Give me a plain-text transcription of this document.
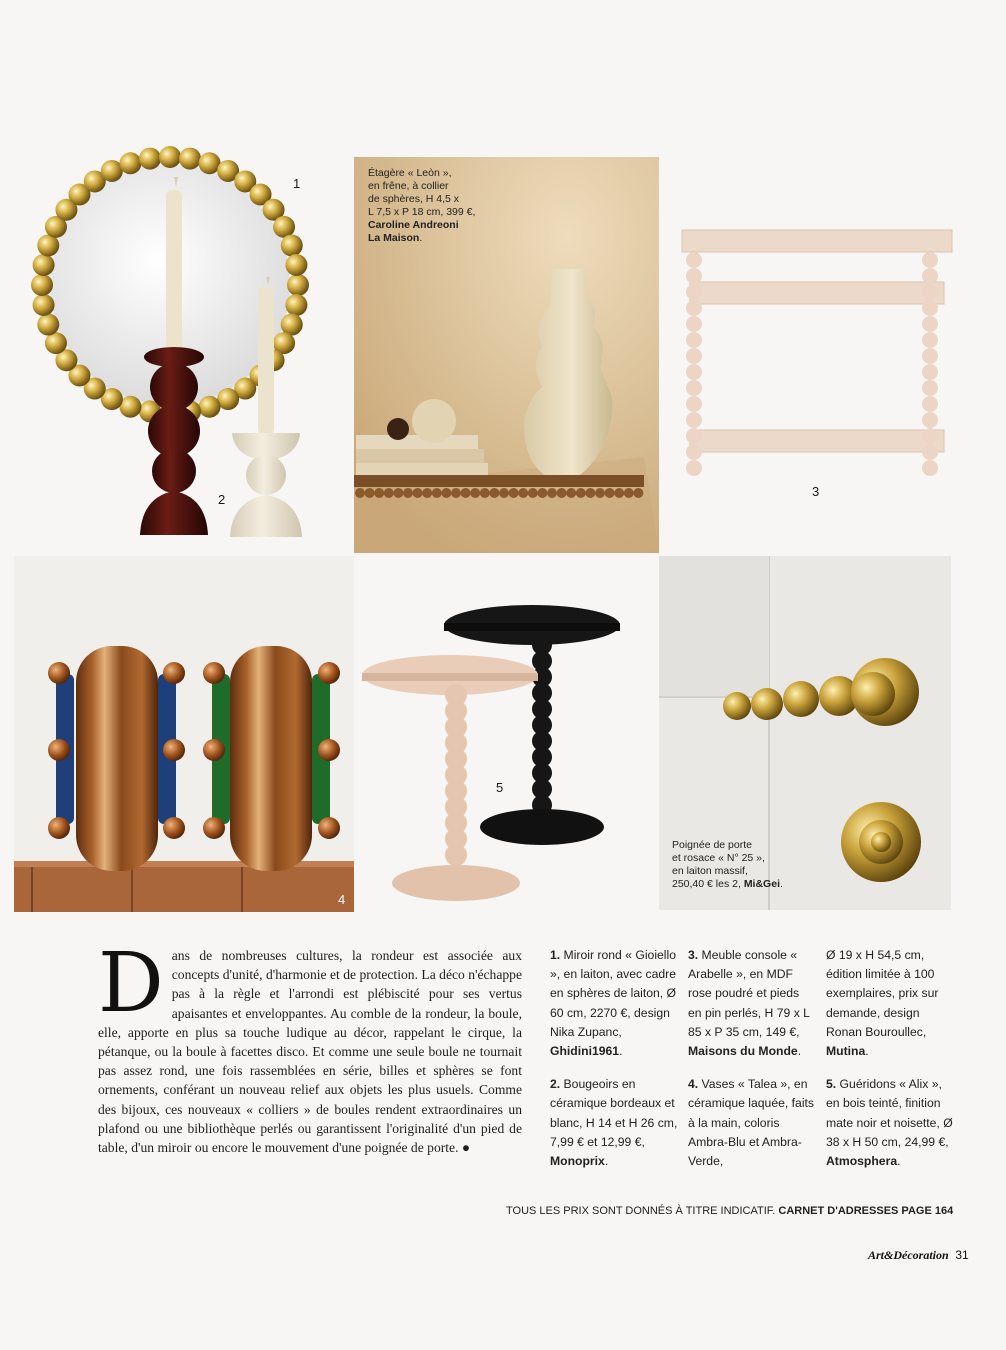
1
2
Étagère « Leòn »,
en frêne, à collier
de sphères, H 4,5 x
L 7,5 x P 18 cm, 399 €,
Caroline Andreoni
La Maison.
3
4
5
Poignée de porte
et rosace « N° 25 »,
en laiton massif,
250,40 € les 2, Mi&Gei.
Dans de nombreuses cultures, la rondeur est associée aux concepts d'unité, d'harmonie et de protection. La déco n'échappe pas à la règle et l'arrondi est plébiscité pour ses vertus apaisantes et enveloppantes. Au comble de la rondeur, la boule, elle, apporte en plus sa touche ludique au décor, rappelant le cirque, la pétanque, ou la boule à facettes disco. Et comme une seule boule ne tournait pas assez rond, une fois rassemblées en série, billes et sphères se font ornements, conférant un nouveau relief aux objets les plus usuels. Comme des bijoux, ces nouveaux « colliers » de boules rendent extraordinaires un plafond ou une bibliothèque perlés ou garantissent l'originalité d'un pied de table, d'un miroir ou encore le mouvement d'une poignée de porte. ●

1. Miroir rond « Gioiello », en laiton, avec cadre en sphères de laiton, Ø 60 cm, 2270 €, design Nika Zupanc, Ghidini1961.

2. Bougeoirs en céramique bordeaux et blanc, H 14 et H 26 cm, 7,99 € et 12,99 €, Monoprix.

3. Meuble console « Arabelle », en MDF rose poudré et pieds en pin perlés, H 79 x L 85 x P 35 cm, 149 €, Maisons du Monde.

4. Vases « Talea », en céramique laquée, faits à la main, coloris Ambra-Blu et Ambra-Verde,

Ø 19 x H 54,5 cm, édition limitée à 100 exemplaires, prix sur demande, design Ronan Bouroullec, Mutina.

5. Guéridons « Alix », en bois teinté, finition mate noir et noisette, Ø 38 x H 50 cm, 24,99 €, Atmosphera.

TOUS LES PRIX SONT DONNÉS À TITRE INDICATIF. CARNET D'ADRESSES PAGE 164
Art&Décoration 31
